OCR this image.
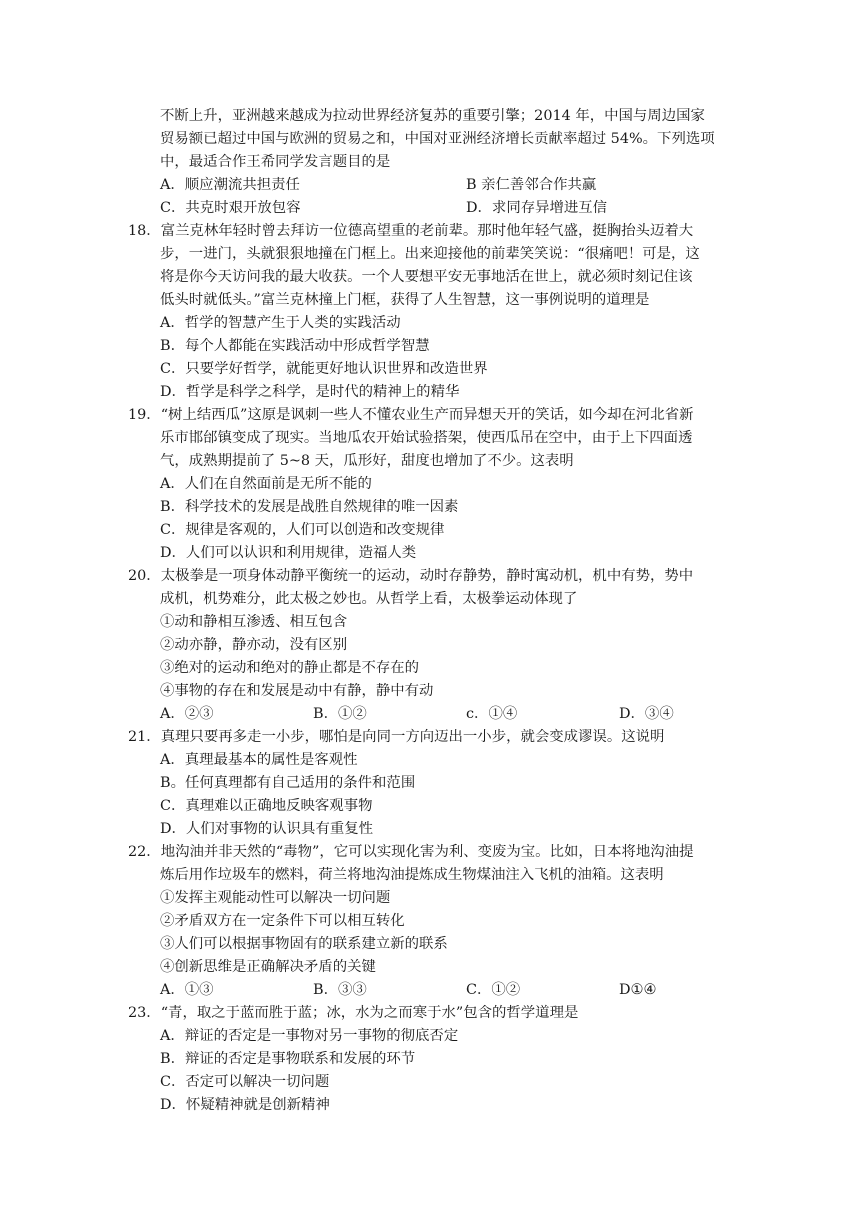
不断上升，亚洲越来越成为拉动世界经济复苏的重要引擎；2014 年，中国与周边国家
贸易额已超过中国与欧洲的贸易之和，中国对亚洲经济增长贡献率超过 54%。下列选项
中，最适合作王希同学发言题目的是
A．顺应潮流共担责任	B 亲仁善邻合作共赢
C．共克时艰开放包容	D．求同存异增进互信
18．富兰克林年轻时曾去拜访一位德高望重的老前辈。那时他年轻气盛，挺胸抬头迈着大
步，一进门，头就狠狠地撞在门框上。出来迎接他的前辈笑笑说：“很痛吧！可是，这
将是你今天访问我的最大收获。一个人要想平安无事地活在世上，就必须时刻记住该
低头时就低头。”富兰克林撞上门框，获得了人生智慧，这一事例说明的道理是
A．哲学的智慧产生于人类的实践活动
B．每个人都能在实践活动中形成哲学智慧
C．只要学好哲学，就能更好地认识世界和改造世界
D．哲学是科学之科学，是时代的精神上的精华
19．“树上结西瓜”这原是讽刺一些人不懂农业生产而异想天开的笑话，如今却在河北省新
乐市邯邰镇变成了现实。当地瓜农开始试验搭架，使西瓜吊在空中，由于上下四面透
气，成熟期提前了 5~8 天，瓜形好，甜度也增加了不少。这表明
A．人们在自然面前是无所不能的
B．科学技术的发展是战胜自然规律的唯一因素
C．规律是客观的，人们可以创造和改变规律
D．人们可以认识和利用规律，造福人类
20．太极拳是一项身体动静平衡统一的运动，动时存静势，静时寓动机，机中有势，势中
成机，机势难分，此太极之妙也。从哲学上看，太极拳运动体现了
①动和静相互渗透、相互包含
②动亦静，静亦动，没有区别
③绝对的运动和绝对的静止都是不存在的
④事物的存在和发展是动中有静，静中有动
A．②③	B．①②	c．①④	D．③④
21．真理只要再多走一小步，哪怕是向同一方向迈出一小步，就会变成谬误。这说明
A．真理最基本的属性是客观性
B。任何真理都有自己适用的条件和范围
C．真理难以正确地反映客观事物
D．人们对事物的认识具有重复性
22．地沟油并非天然的“毒物”，它可以实现化害为利、变废为宝。比如，日本将地沟油提
炼后用作垃圾车的燃料，荷兰将地沟油提炼成生物煤油注入飞机的油箱。这表明
①发挥主观能动性可以解决一切问题
②矛盾双方在一定条件下可以相互转化
③人们可以根据事物固有的联系建立新的联系
④创新思维是正确解决矛盾的关键
A．①③	B．③③	C．①②	D①④
23．“青，取之于蓝而胜于蓝；冰，水为之而寒于水”包含的哲学道理是
A．辩证的否定是一事物对另一事物的彻底否定
B．辩证的否定是事物联系和发展的环节
C．否定可以解决一切问题
D．怀疑精神就是创新精神
